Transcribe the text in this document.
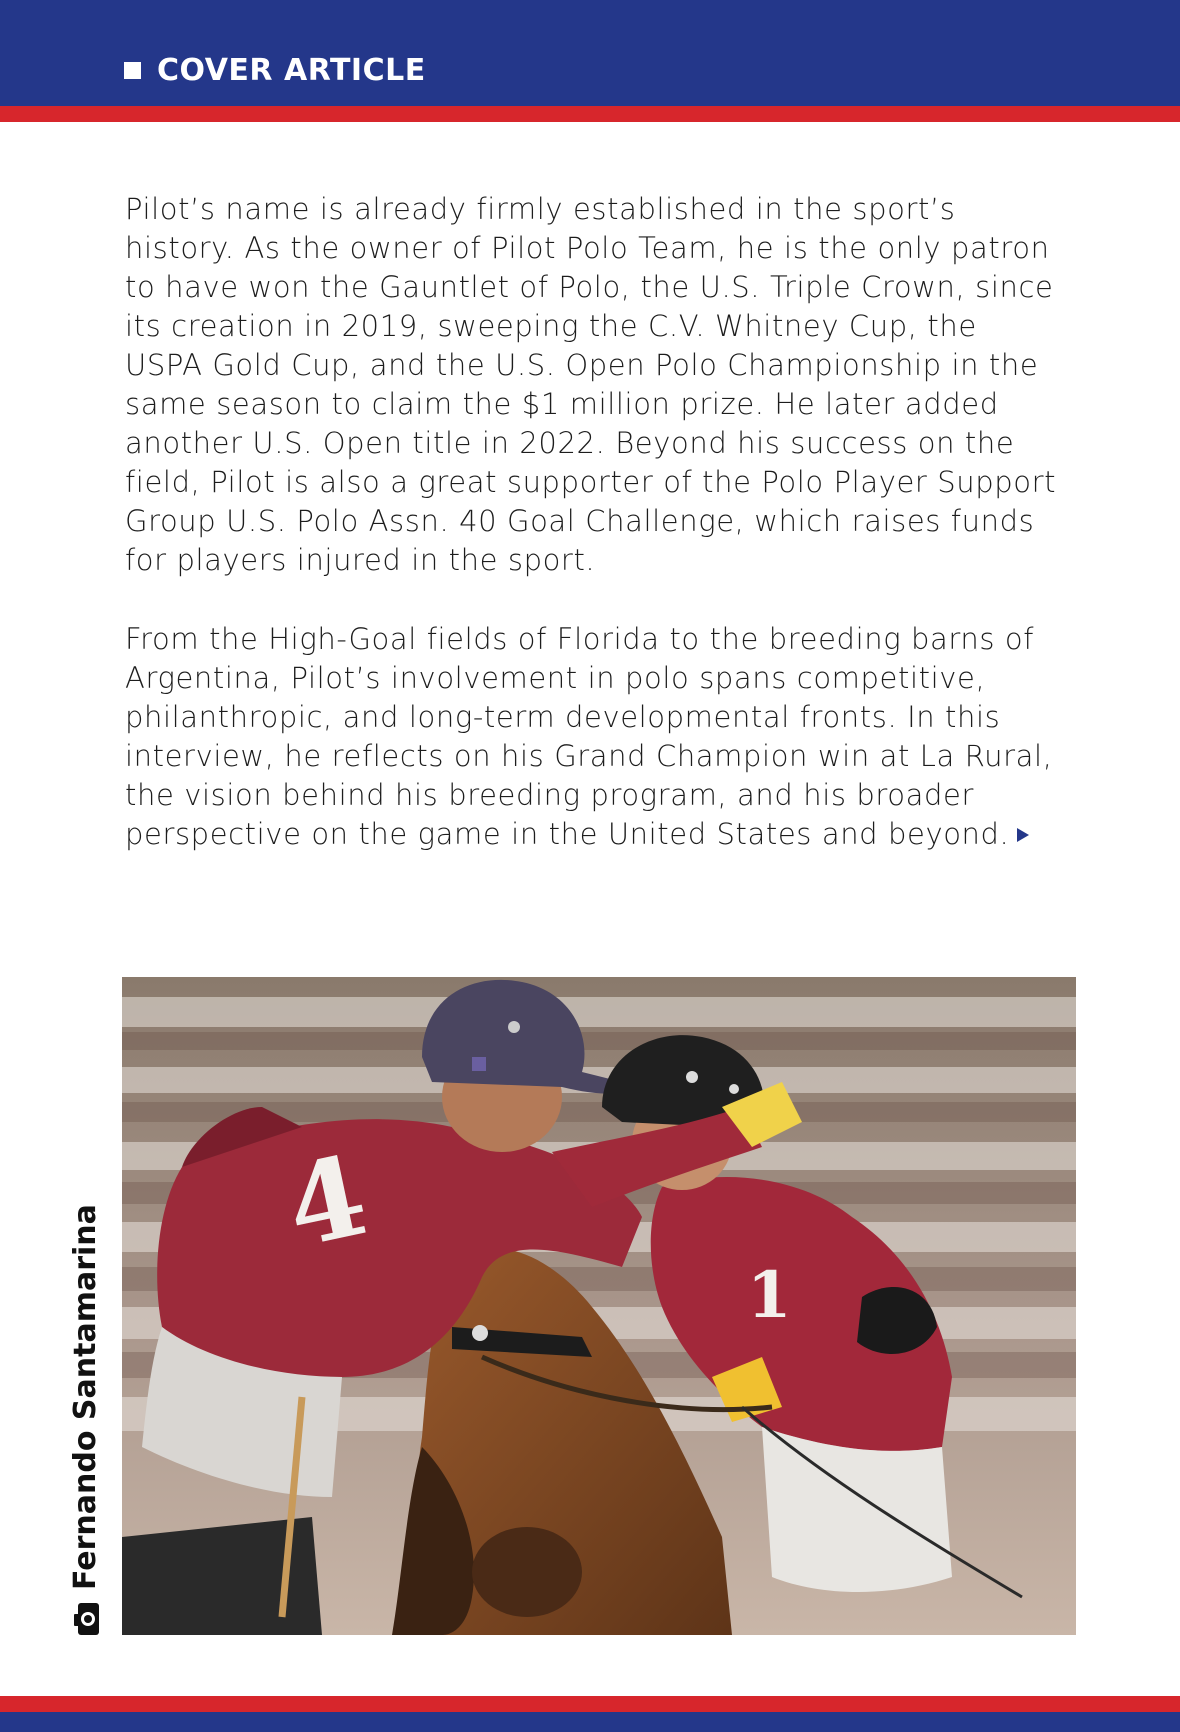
COVER ARTICLE

Pilot’s name is already firmly established in the sport’s history. As the owner of Pilot Polo Team, he is the only patron to have won the Gauntlet of Polo, the U.S. Triple Crown, since its creation in 2019, sweeping the C.V. Whitney Cup, the USPA Gold Cup, and the U.S. Open Polo Championship in the same season to claim the $1 million prize. He later added another U.S. Open title in 2022. Beyond his success on the field, Pilot is also a great supporter of the Polo Player Support Group U.S. Polo Assn. 40 Goal Challenge, which raises funds for players injured in the sport.

From the High-Goal fields of Florida to the breeding barns of Argentina, Pilot’s involvement in polo spans competitive, philanthropic, and long-term developmental fronts. In this interview, he reflects on his Grand Champion win at La Rural, the vision behind his breeding program, and his broader perspective on the game in the United States and beyond.

4
1
Fernando Santamarina
